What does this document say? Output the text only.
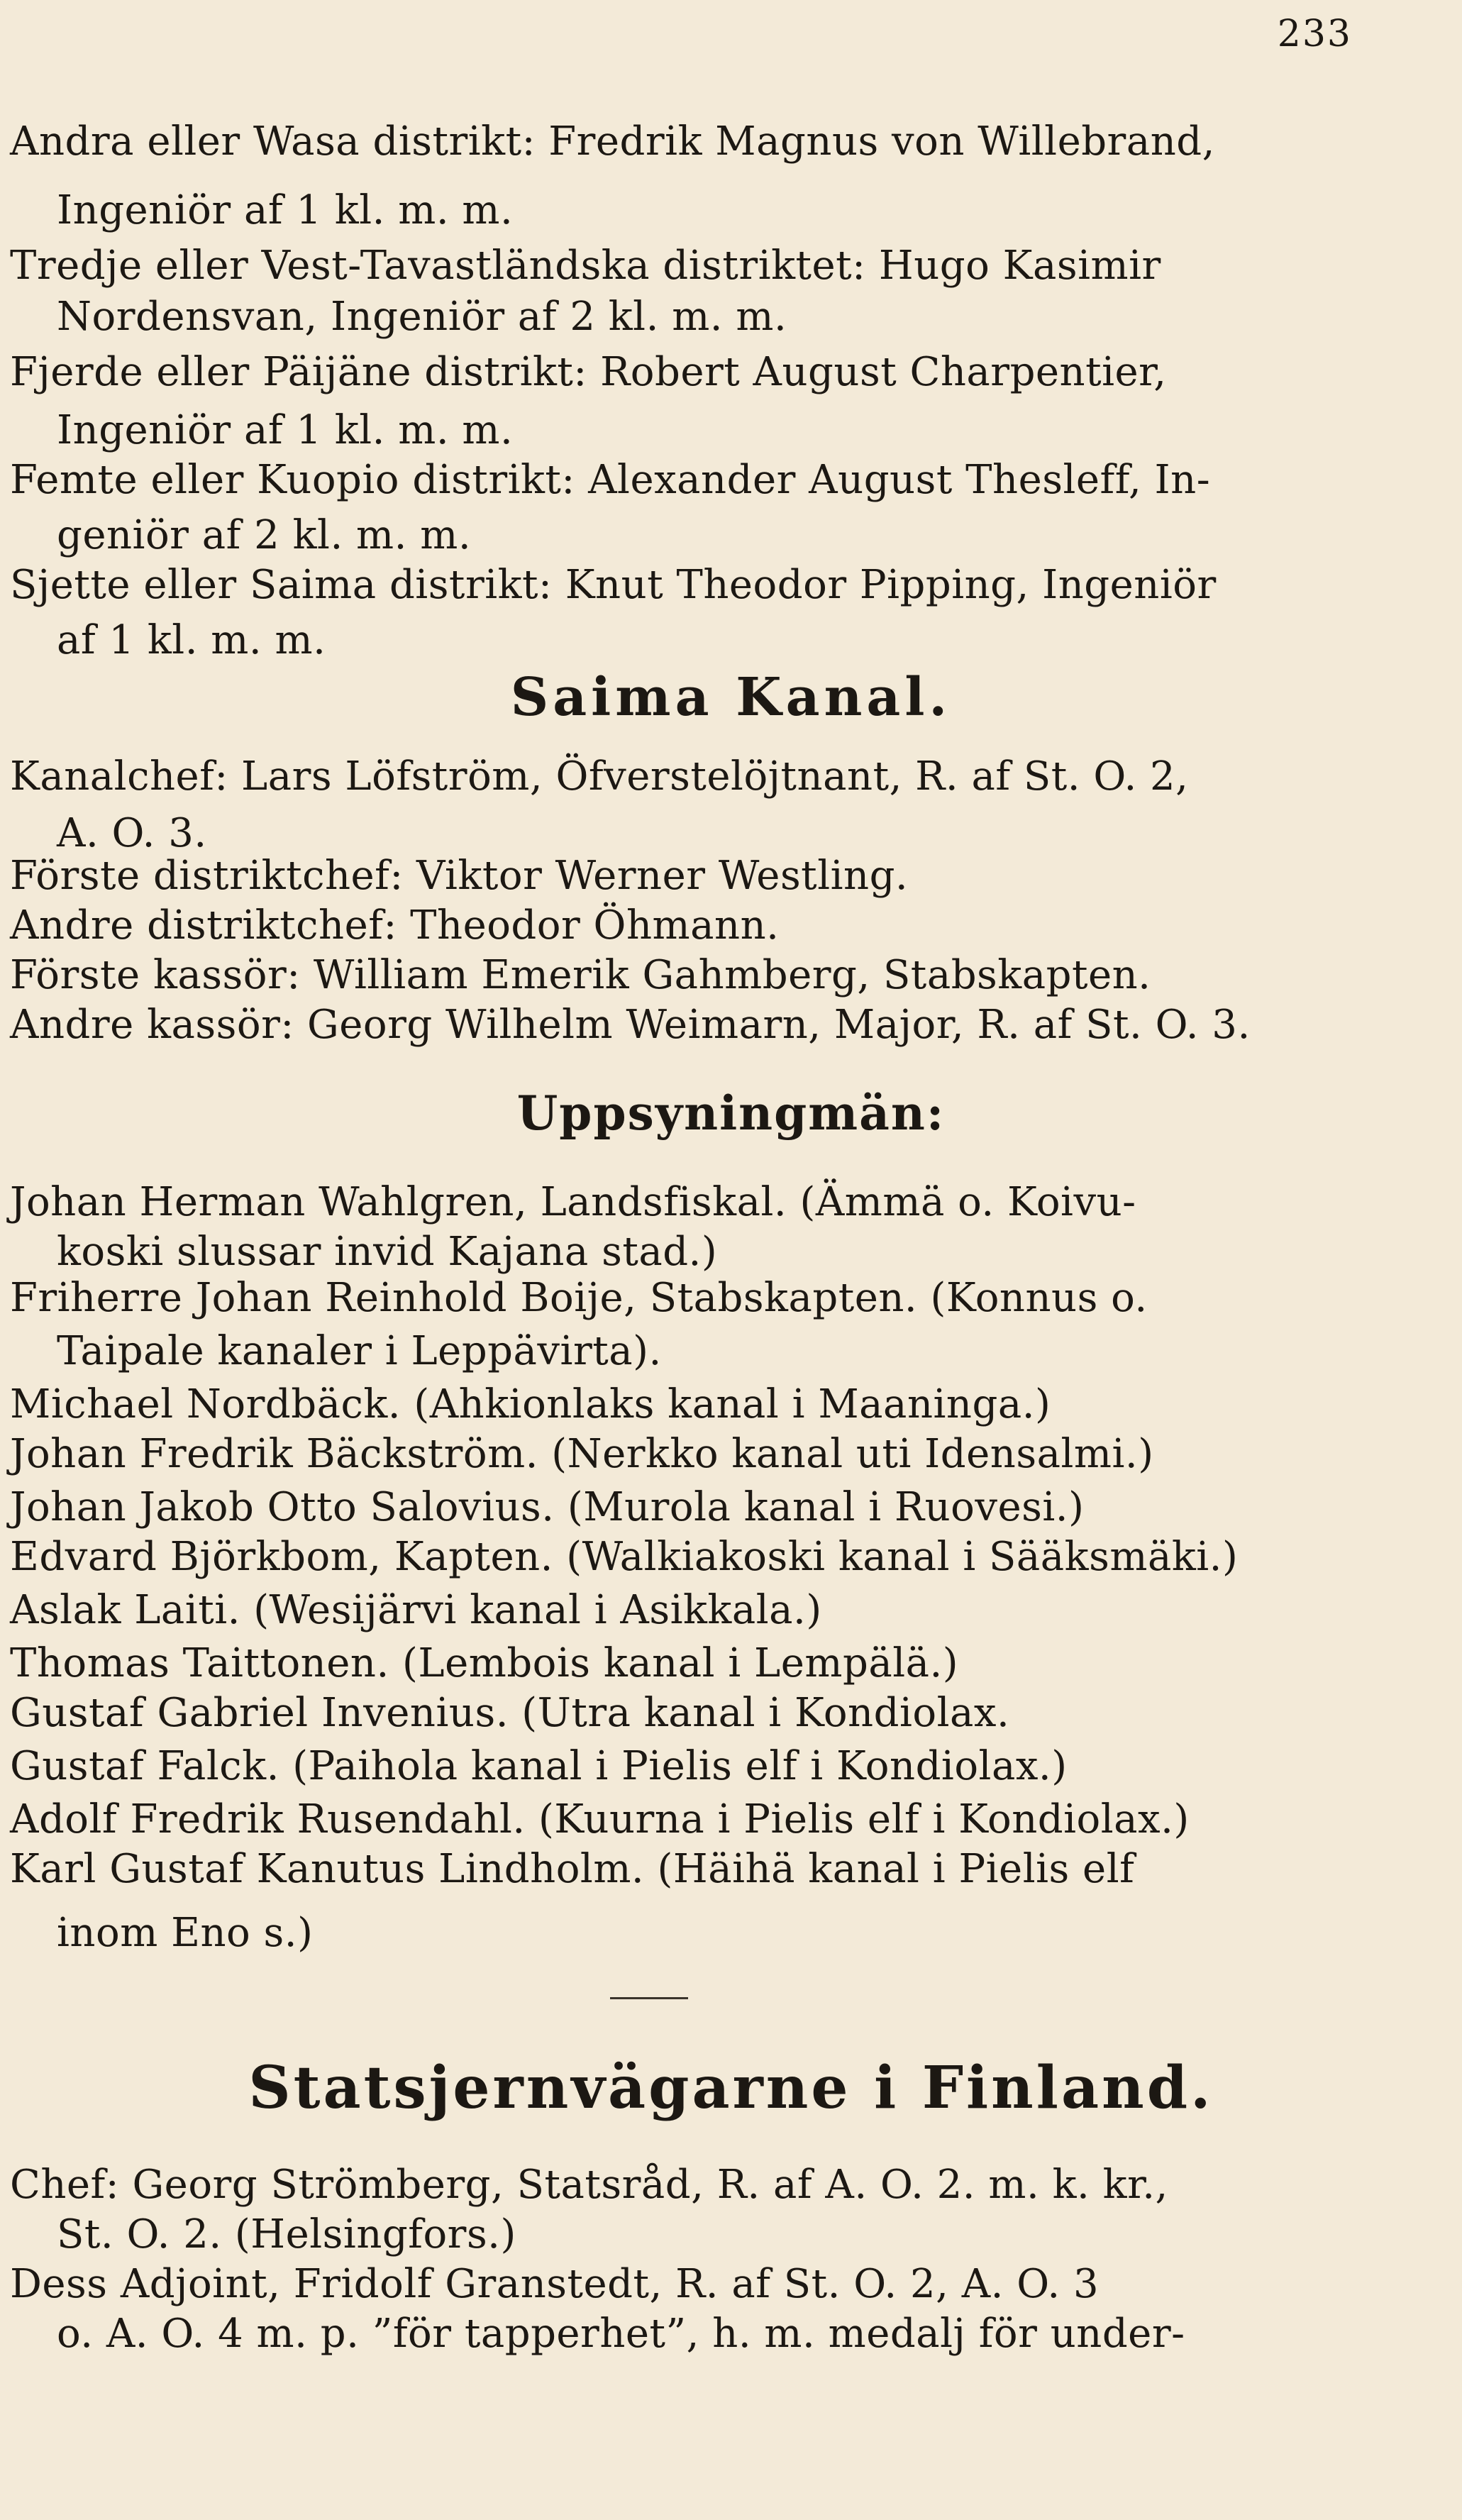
233
Andra eller Wasa distrikt: Fredrik Magnus von Willebrand,
Ingeniör af 1 kl. m. m.
Tredje eller Vest-Tavastländska distriktet: Hugo Kasimir
Nordensvan, Ingeniör af 2 kl. m. m.
Fjerde eller Päijäne distrikt: Robert August Charpentier,
Ingeniör af 1 kl. m. m.
Femte eller Kuopio distrikt: Alexander August Thesleff, In-
geniör af 2 kl. m. m.
Sjette eller Saima distrikt: Knut Theodor Pipping, Ingeniör
af 1 kl. m. m.
Saima Kanal.
Kanalchef: Lars Löfström, Öfverstelöjtnant, R. af St. O. 2,
A. O. 3.
Förste distriktchef: Viktor Werner Westling.
Andre distriktchef: Theodor Öhmann.
Förste kassör: William Emerik Gahmberg, Stabskapten.
Andre kassör: Georg Wilhelm Weimarn, Major, R. af St. O. 3.
Uppsyningmän:
Johan Herman Wahlgren, Landsfiskal. (Ämmä o. Koivu-
koski slussar invid Kajana stad.)
Friherre Johan Reinhold Boije, Stabskapten. (Konnus o.
Taipale kanaler i Leppävirta).
Michael Nordbäck. (Ahkionlaks kanal i Maaninga.)
Johan Fredrik Bäckström. (Nerkko kanal uti Idensalmi.)
Johan Jakob Otto Salovius. (Murola kanal i Ruovesi.)
Edvard Björkbom, Kapten. (Walkiakoski kanal i Sääksmäki.)
Aslak Laiti. (Wesijärvi kanal i Asikkala.)
Thomas Taittonen. (Lembois kanal i Lempälä.)
Gustaf Gabriel Invenius. (Utra kanal i Kondiolax.
Gustaf Falck. (Paihola kanal i Pielis elf i Kondiolax.)
Adolf Fredrik Rusendahl. (Kuurna i Pielis elf i Kondiolax.)
Karl Gustaf Kanutus Lindholm. (Häihä kanal i Pielis elf
inom Eno s.)
Statsjernvägarne i Finland.
Chef: Georg Strömberg, Statsråd, R. af A. O. 2. m. k. kr.,
St. O. 2. (Helsingfors.)
Dess Adjoint, Fridolf Granstedt, R. af St. O. 2, A. O. 3
o. A. O. 4 m. p. ”för tapperhet”, h. m. medalj för under-
